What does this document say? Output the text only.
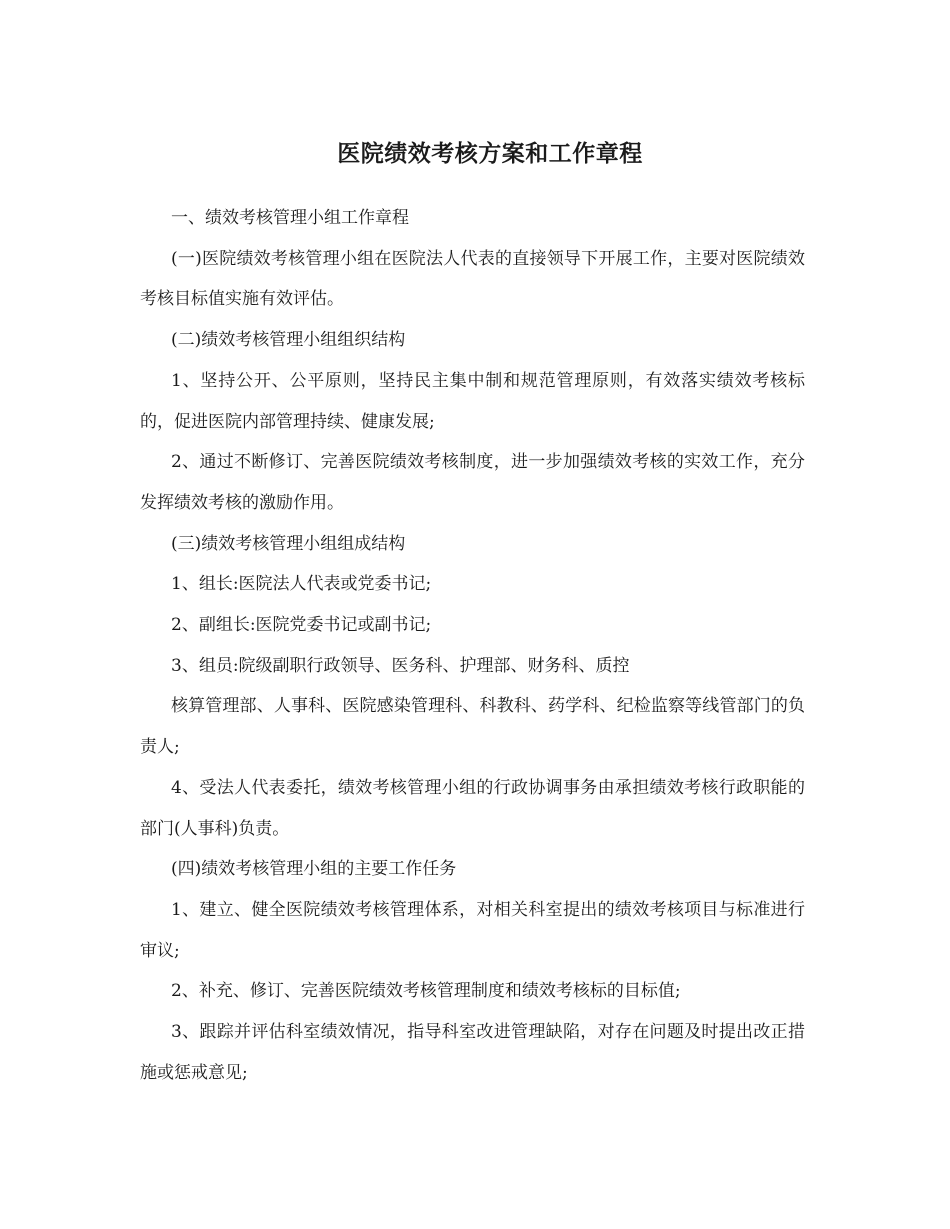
医院绩效考核方案和工作章程

一、绩效考核管理小组工作章程

(一)医院绩效考核管理小组在医院法人代表的直接领导下开展工作，主要对医院绩效考核目标值实施有效评估。

(二)绩效考核管理小组组织结构

1、坚持公开、公平原则，坚持民主集中制和规范管理原则，有效落实绩效考核标的，促进医院内部管理持续、健康发展;

2、通过不断修订、完善医院绩效考核制度，进一步加强绩效考核的实效工作，充分发挥绩效考核的激励作用。

(三)绩效考核管理小组组成结构

1、组长:医院法人代表或党委书记;

2、副组长:医院党委书记或副书记;

3、组员:院级副职行政领导、医务科、护理部、财务科、质控

核算管理部、人事科、医院感染管理科、科教科、药学科、纪检监察等线管部门的负责人;

4、受法人代表委托，绩效考核管理小组的行政协调事务由承担绩效考核行政职能的部门(人事科)负责。

(四)绩效考核管理小组的主要工作任务

1、建立、健全医院绩效考核管理体系，对相关科室提出的绩效考核项目与标准进行审议;

2、补充、修订、完善医院绩效考核管理制度和绩效考核标的目标值;

3、跟踪并评估科室绩效情况，指导科室改进管理缺陷，对存在问题及时提出改正措施或惩戒意见;
